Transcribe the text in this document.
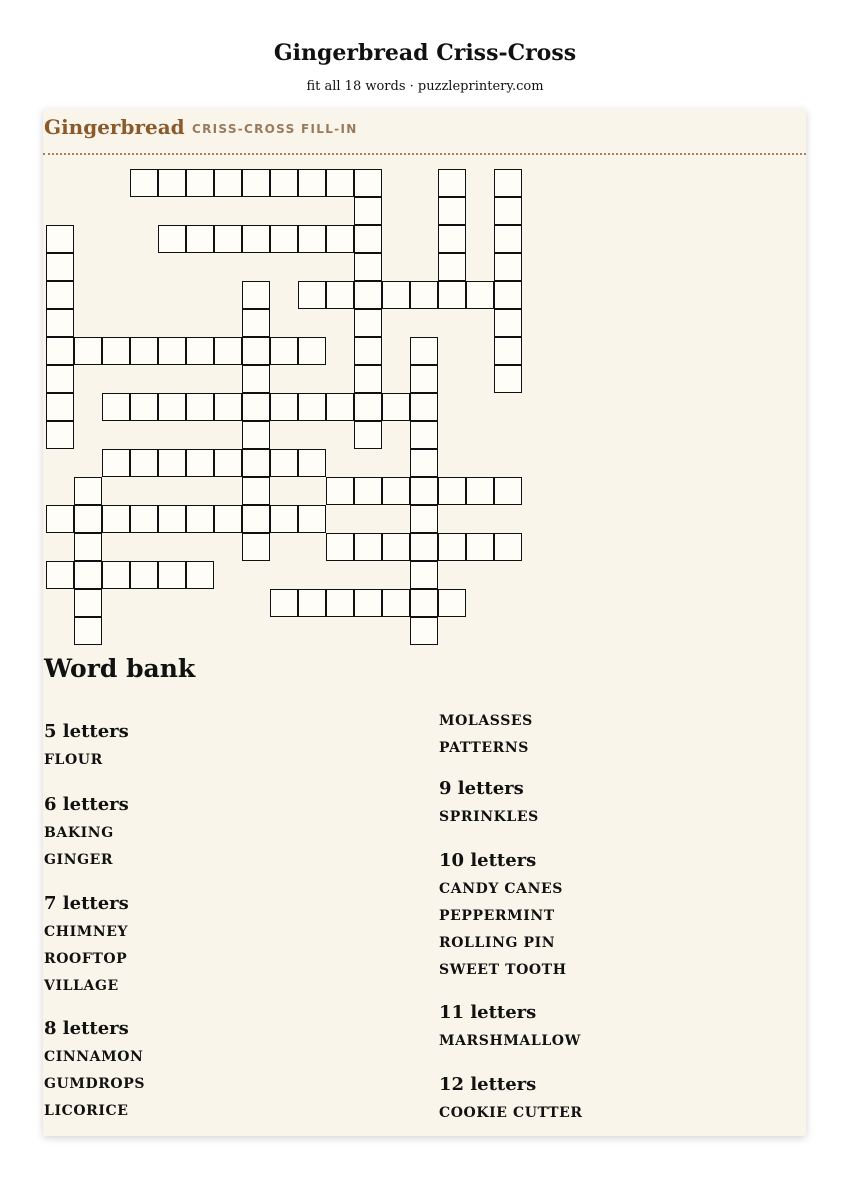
Gingerbread Criss-Cross

fit all 18 words · puzzleprintery.com

Gingerbread CRISS-CROSS FILL-IN
Word bank
5 letters
FLOUR
6 letters
BAKING
GINGER
7 letters
CHIMNEY
ROOFTOP
VILLAGE
8 letters
CINNAMON
GUMDROPS
LICORICE
MOLASSES
PATTERNS
9 letters
SPRINKLES
10 letters
CANDY CANES
PEPPERMINT
ROLLING PIN
SWEET TOOTH
11 letters
MARSHMALLOW
12 letters
COOKIE CUTTER
